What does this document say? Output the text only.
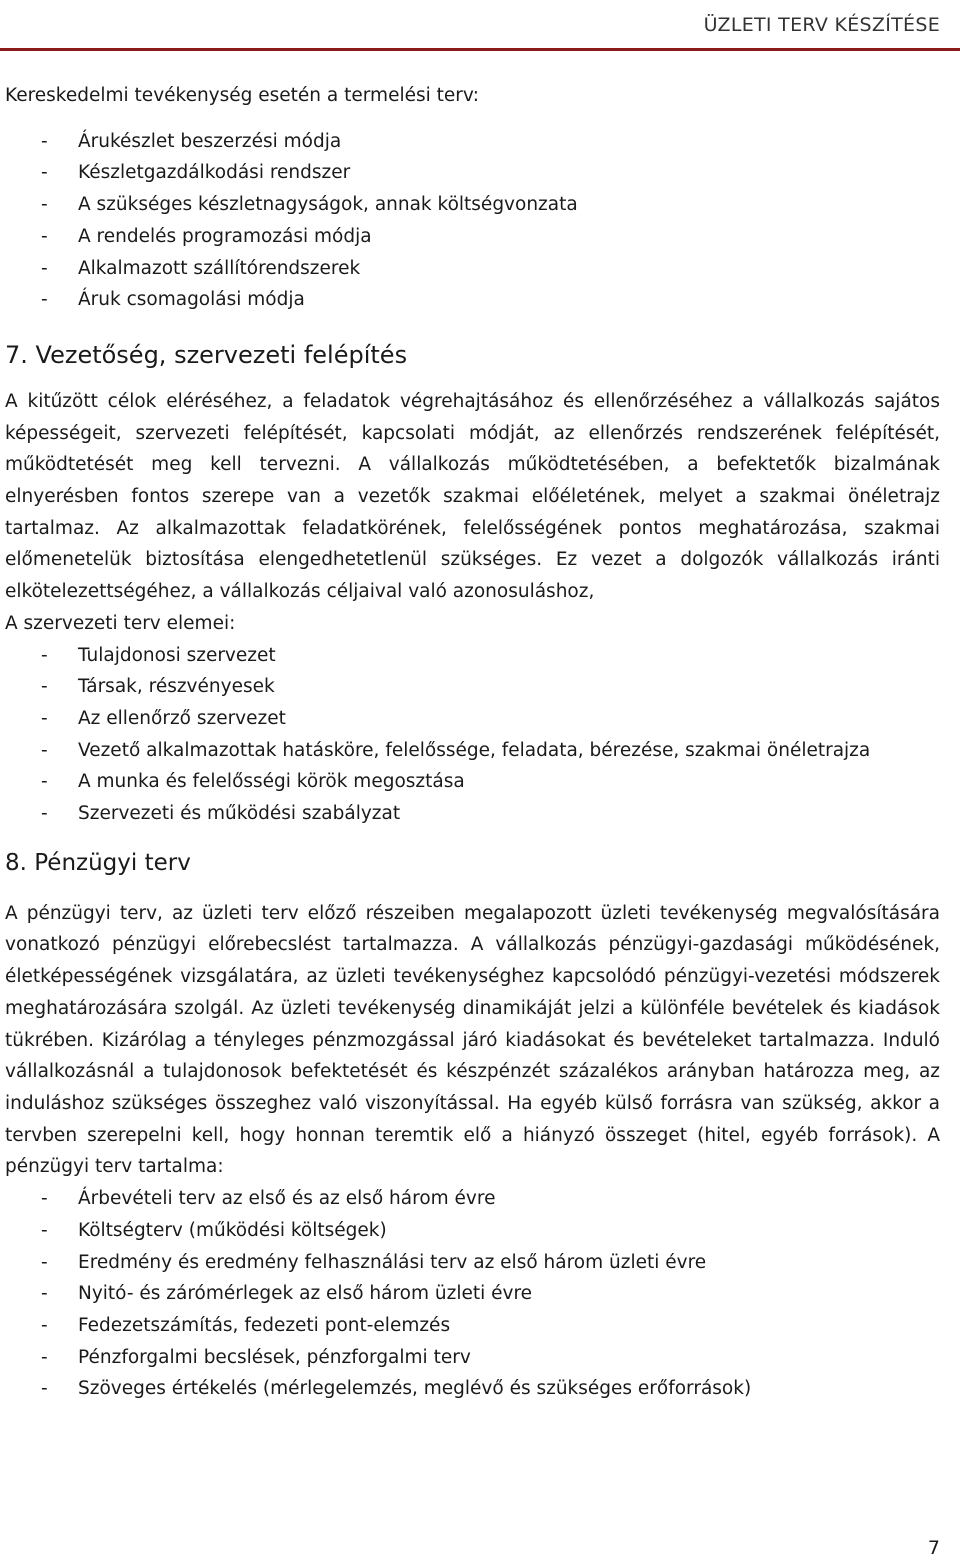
ÜZLETI TERV KÉSZÍTÉSE

Kereskedelmi tevékenység esetén a termelési terv:

- Árukészlet beszerzési módja
- Készletgazdálkodási rendszer
- A szükséges készletnagyságok, annak költségvonzata
- A rendelés programozási módja
- Alkalmazott szállítórendszerek
- Áruk csomagolási módja
7. Vezetőség, szervezeti felépítés

A kitűzött célok eléréséhez, a feladatok végrehajtásához és ellenőrzéséhez a vállalkozás sajátos képességeit, szervezeti felépítését, kapcsolati módját, az ellenőrzés rendszerének felépítését, működtetését meg kell tervezni. A vállalkozás működtetésében, a befektetők bizalmának elnyerésben fontos szerepe van a vezetők szakmai előéletének, melyet a szakmai önéletrajz tartalmaz. Az alkalmazottak feladatkörének, felelősségének pontos meghatározása, szakmai előmenetelük biztosítása elengedhetetlenül szükséges. Ez vezet a dolgozók vállalkozás iránti elkötelezettségéhez, a vállalkozás céljaival való azonosuláshoz,

A szervezeti terv elemei:

- Tulajdonosi szervezet
- Társak, részvényesek
- Az ellenőrző szervezet
- Vezető alkalmazottak hatásköre, felelőssége, feladata, bérezése, szakmai önéletrajza
- A munka és felelősségi körök megosztása
- Szervezeti és működési szabályzat
8. Pénzügyi terv

A pénzügyi terv, az üzleti terv előző részeiben megalapozott üzleti tevékenység megvalósítására vonatkozó pénzügyi előrebecslést tartalmazza. A vállalkozás pénzügyi-gazdasági működésének, életképességének vizsgálatára, az üzleti tevékenységhez kapcsolódó pénzügyi-vezetési módszerek meghatározására szolgál. Az üzleti tevékenység dinamikáját jelzi a különféle bevételek és kiadások tükrében. Kizárólag a tényleges pénzmozgással járó kiadásokat és bevételeket tartalmazza. Induló vállalkozásnál a tulajdonosok befektetését és készpénzét százalékos arányban határozza meg, az induláshoz szükséges összeghez való viszonyítással. Ha egyéb külső forrásra van szükség, akkor a tervben szerepelni kell, hogy honnan teremtik elő a hiányzó összeget (hitel, egyéb források). A pénzügyi terv tartalma:

- Árbevételi terv az első és az első három évre
- Költségterv (működési költségek)
- Eredmény és eredmény felhasználási terv az első három üzleti évre
- Nyitó- és zárómérlegek az első három üzleti évre
- Fedezetszámítás, fedezeti pont-elemzés
- Pénzforgalmi becslések, pénzforgalmi terv
- Szöveges értékelés (mérlegelemzés, meglévő és szükséges erőforrások)
7
